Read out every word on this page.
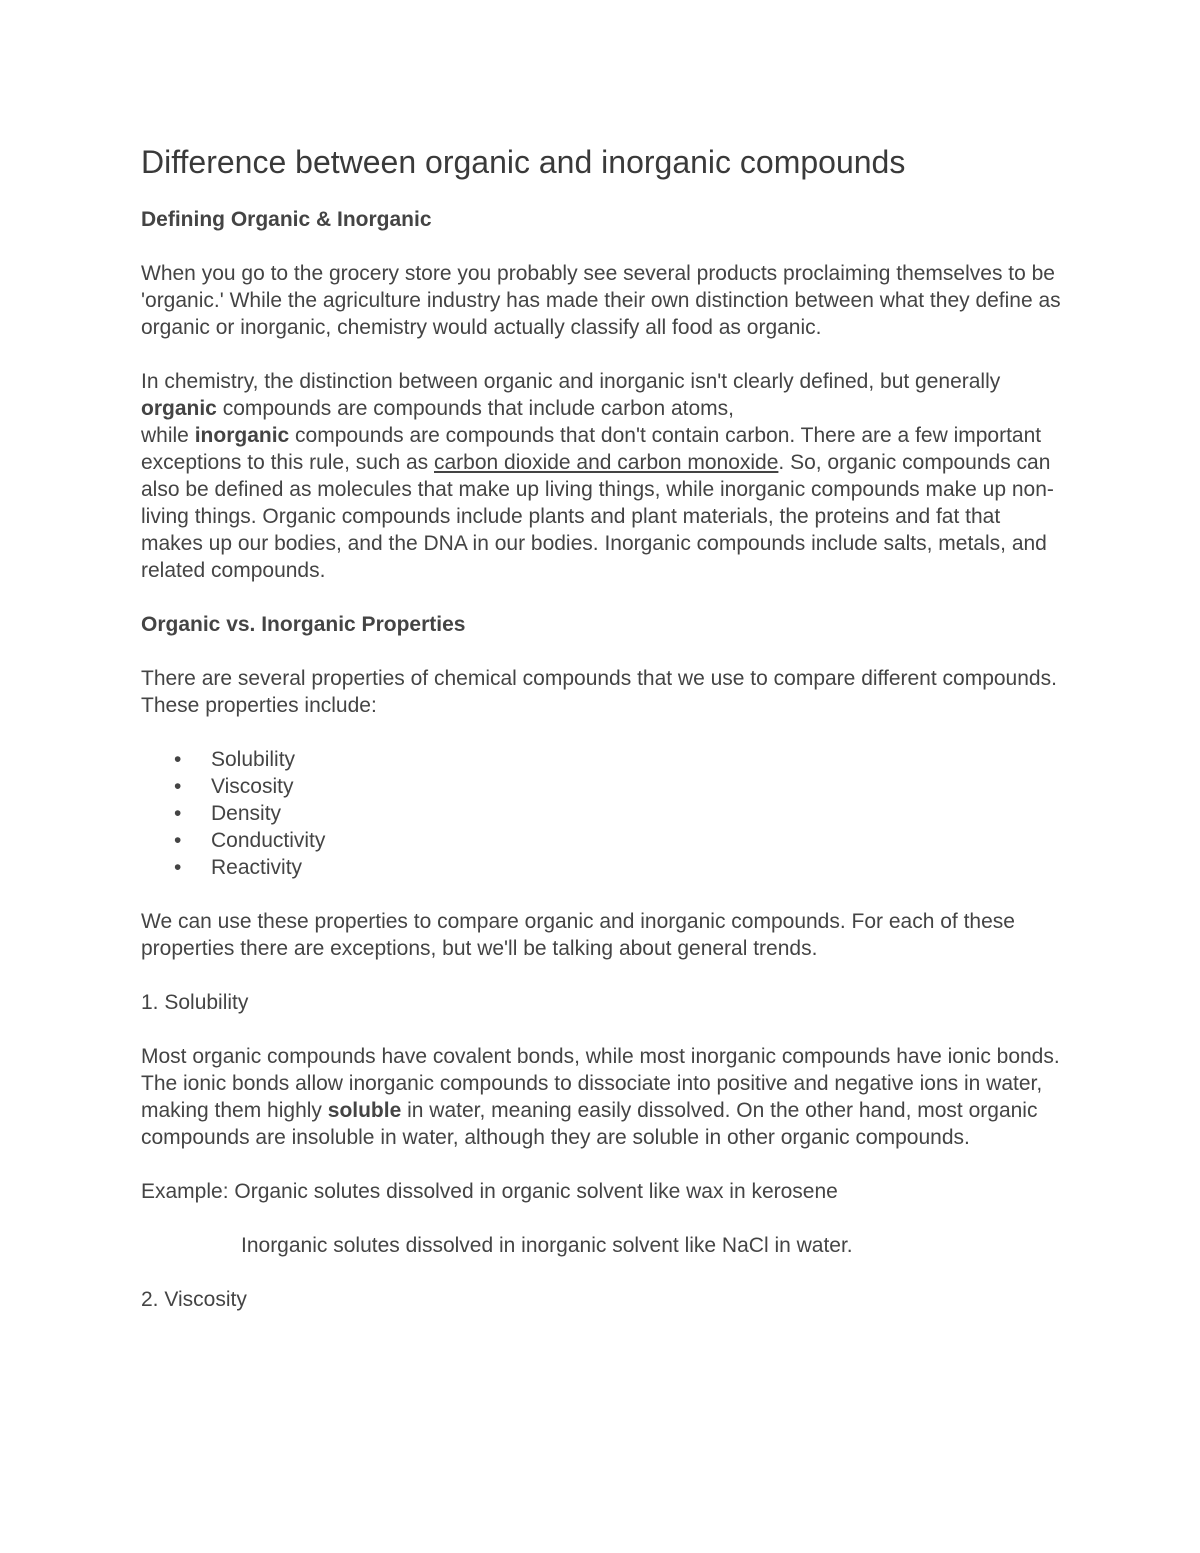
Difference between organic and inorganic compounds
Defining Organic & Inorganic
When you go to the grocery store you probably see several products proclaiming themselves to be 'organic.' While the agriculture industry has made their own distinction between what they define as organic or inorganic, chemistry would actually classify all food as organic.
In chemistry, the distinction between organic and inorganic isn't clearly defined, but generally organic compounds are compounds that include carbon atoms,
while inorganic compounds are compounds that don't contain carbon. There are a few important exceptions to this rule, such as carbon dioxide and carbon monoxide. So, organic compounds can also be defined as molecules that make up living things, while inorganic compounds make up non-living things. Organic compounds include plants and plant materials, the proteins and fat that makes up our bodies, and the DNA in our bodies. Inorganic compounds include salts, metals, and related compounds.
Organic vs. Inorganic Properties
There are several properties of chemical compounds that we use to compare different compounds. These properties include:
• Solubility
• Viscosity
• Density
• Conductivity
• Reactivity
We can use these properties to compare organic and inorganic compounds. For each of these properties there are exceptions, but we'll be talking about general trends.
1. Solubility
Most organic compounds have covalent bonds, while most inorganic compounds have ionic bonds. The ionic bonds allow inorganic compounds to dissociate into positive and negative ions in water, making them highly soluble in water, meaning easily dissolved. On the other hand, most organic compounds are insoluble in water, although they are soluble in other organic compounds.
Example: Organic solutes dissolved in organic solvent like wax in kerosene
Inorganic solutes dissolved in inorganic solvent like NaCl in water.
2. Viscosity
